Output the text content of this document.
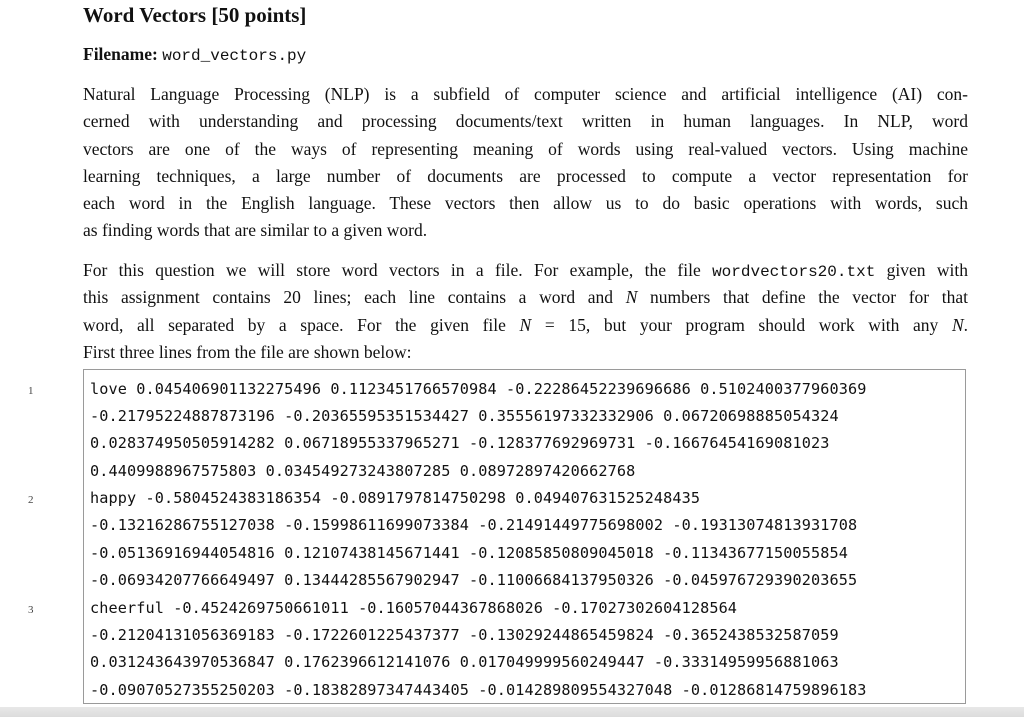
Word Vectors [50 points]
Filename: word_vectors.py
Natural Language Processing (NLP) is a subfield of computer science and artificial intelligence (AI) con-
cerned with understanding and processing documents/text written in human languages. In NLP, word
vectors are one of the ways of representing meaning of words using real-valued vectors. Using machine
learning techniques, a large number of documents are processed to compute a vector representation for
each word in the English language. These vectors then allow us to do basic operations with words, such
as finding words that are similar to a given word.
For this question we will store word vectors in a file. For example, the file wordvectors20.txt given with
this assignment contains 20 lines; each line contains a word and N numbers that define the vector for that
word, all separated by a space. For the given file N = 15, but your program should work with any N.
First three lines from the file are shown below:
love 0.045406901132275496 0.1123451766570984 -0.22286452239696686 0.5102400377960369
-0.21795224887873196 -0.20365595351534427 0.35556197332332906 0.06720698885054324
0.028374950505914282 0.06718955337965271 -0.128377692969731 -0.16676454169081023
0.4409988967575803 0.034549273243807285 0.08972897420662768
happy -0.5804524383186354 -0.0891797814750298 0.049407631525248435
-0.13216286755127038 -0.15998611699073384 -0.21491449775698002 -0.19313074813931708
-0.05136916944054816 0.12107438145671441 -0.12085850809045018 -0.11343677150055854
-0.06934207766649497 0.13444285567902947 -0.11006684137950326 -0.045976729390203655
cheerful -0.4524269750661011 -0.16057044367868026 -0.17027302604128564
-0.21204131056369183 -0.1722601225437377 -0.13029244865459824 -0.3652438532587059
0.031243643970536847 0.1762396612141076 0.017049999560249447 -0.33314959956881063
-0.09070527355250203 -0.18382897347443405 -0.014289809554327048 -0.01286814759896183
1
2
3
